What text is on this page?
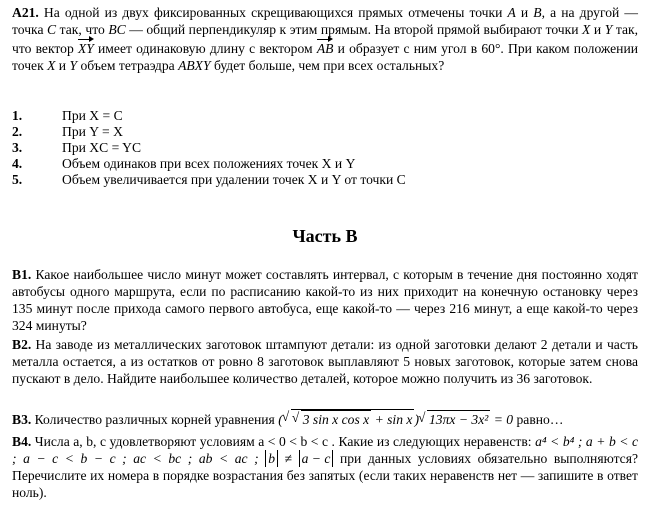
А21. На одной из двух фиксированных скрещивающихся прямых отмечены точки A и B, а на другой — точка C так, что BC — общий перпендикуляр к этим прямым. На второй прямой выбирают точки X и Y так, что вектор XY имеет одинаковую длину с вектором AB и образует с ним угол в 60°. При каком положении точек X и Y объем тетраэдра ABXY будет больше, чем при всех остальных?
1.	При X = C
2.	При Y = X
3.	При XC = YC
4.	Объем одинаков при всех положениях точек X и Y
5.	Объем увеличивается при удалении точек X и Y от точки C
Часть В
В1. Какое наибольшее число минут может составлять интервал, с которым в течение дня постоянно ходят автобусы одного маршрута, если по расписанию какой-то из них приходит на конечную остановку через 135 минут после прихода самого первого автобуса, еще какой-то — через 216 минут, а еще какой-то через 324 минуты?
В2. На заводе из металлических заготовок штампуют детали: из одной заготовки делают 2 детали и часть металла остается, а из остатков от ровно 8 заготовок выплавляют 5 новых заготовок, которые затем снова пускают в дело. Найдите наибольшее количество деталей, которое можно получить из 36 заготовок.
В3. Количество различных корней уравнения ( √ √ 3 sin x cos x + sin x ) √ 13πx − 3x² = 0 равно…
В4. Числа a, b, c удовлетворяют условиям a < 0 < b < c . Какие из следующих неравенств: a⁴ < b⁴ ; a + b < c ; a − c < b − c ; ac < bc ; ab < ac ; b ≠ a − c при данных условиях обязательно выполняются? Перечислите их номера в порядке возрастания без запятых (если таких неравенств нет — запишите в ответ ноль).
